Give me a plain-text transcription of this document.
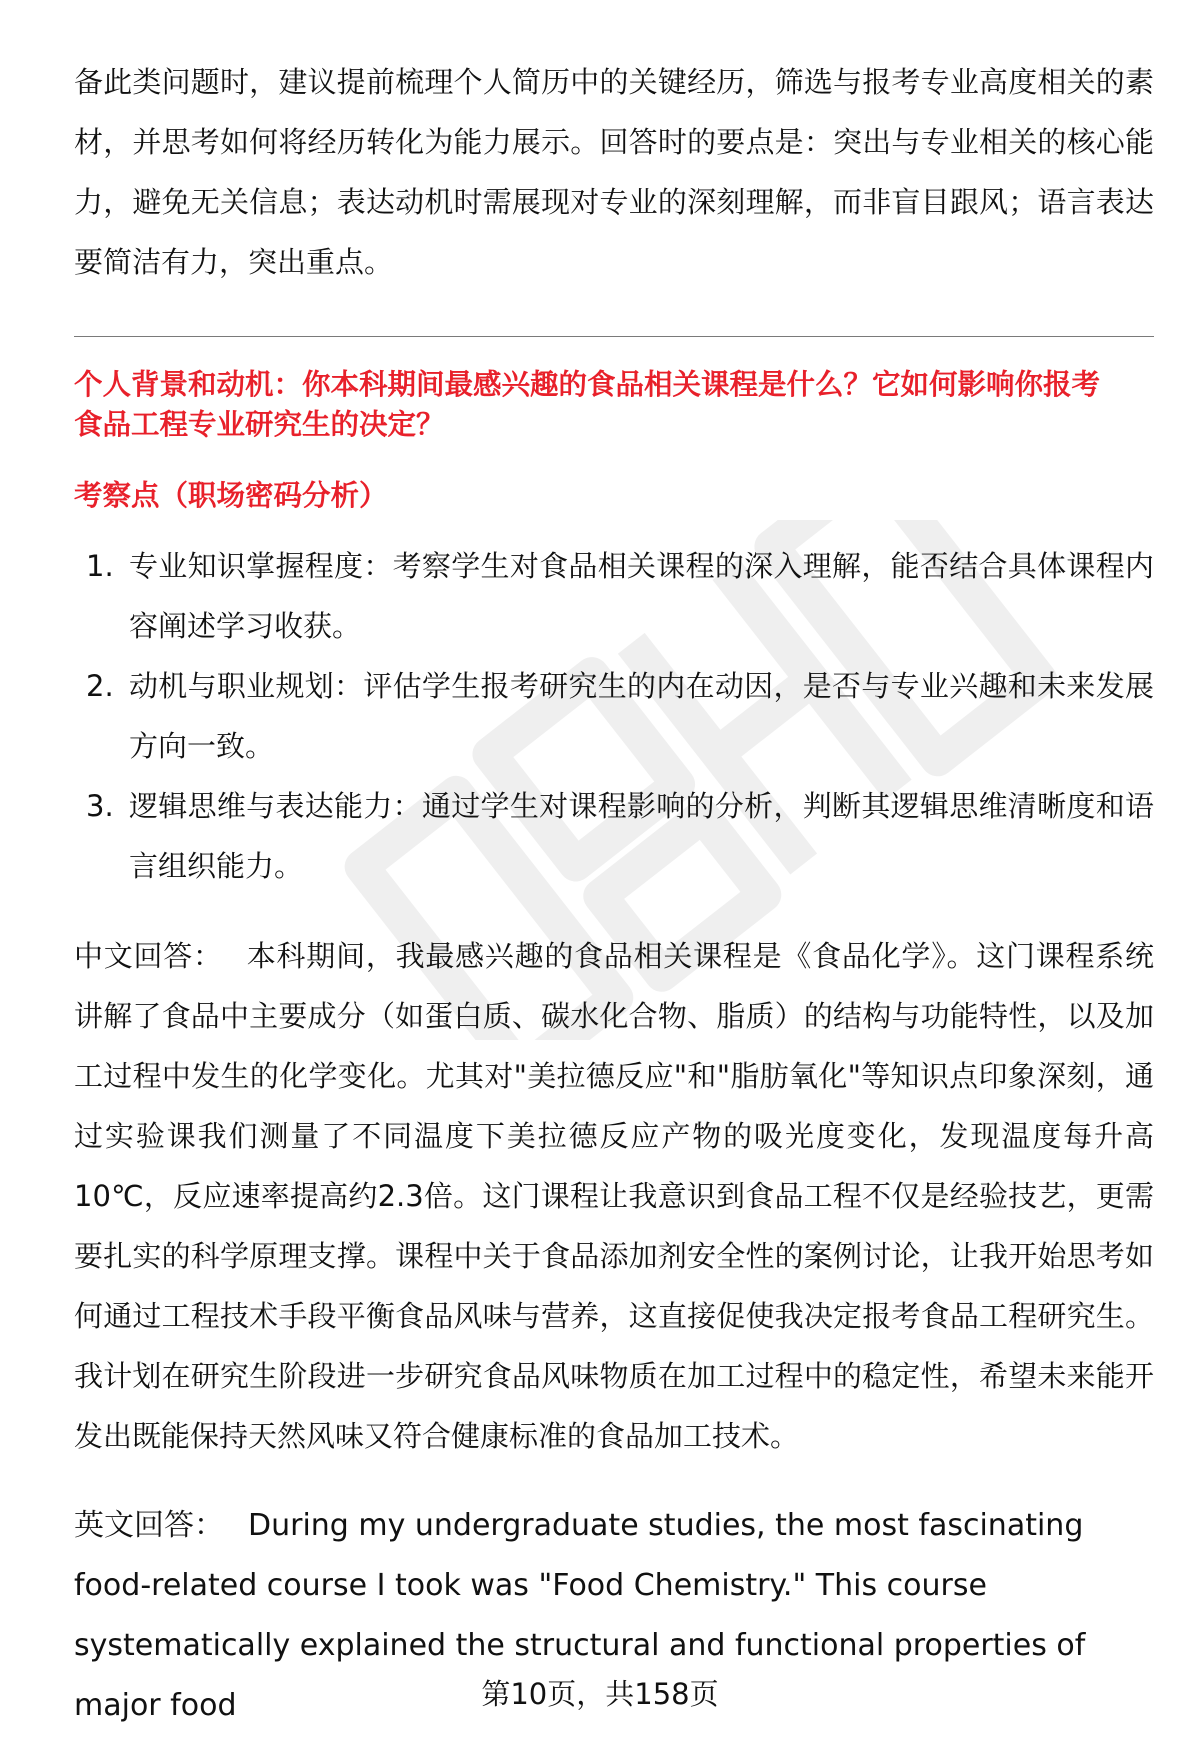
备此类问题时，建议提前梳理个人简历中的关键经历，筛选与报考专业高度相关的素材，并思考如何将经历转化为能力展示。回答时的要点是：突出与专业相关的核心能力，避免无关信息；表达动机时需展现对专业的深刻理解，而非盲目跟风；语言表达要简洁有力，突出重点。

个人背景和动机：你本科期间最感兴趣的食品相关课程是什么？它如何影响你报考
食品工程专业研究生的决定？

考察点（职场密码分析）
1. 专业知识掌握程度：考察学生对食品相关课程的深入理解，能否结合具体课程内容阐述学习收获。
2. 动机与职业规划：评估学生报考研究生的内在动因，是否与专业兴趣和未来发展方向一致。
3. 逻辑思维与表达能力：通过学生对课程影响的分析，判断其逻辑思维清晰度和语言组织能力。

中文回答： 本科期间，我最感兴趣的食品相关课程是《食品化学》。这门课程系统讲解了食品中主要成分（如蛋白质、碳水化合物、脂质）的结构与功能特性，以及加工过程中发生的化学变化。尤其对"美拉德反应"和"脂肪氧化"等知识点印象深刻，通过实验课我们测量了不同温度下美拉德反应产物的吸光度变化，发现温度每升高10℃，反应速率提高约2.3倍。这门课程让我意识到食品工程不仅是经验技艺，更需要扎实的科学原理支撑。课程中关于食品添加剂安全性的案例讨论，让我开始思考如何通过工程技术手段平衡食品风味与营养，这直接促使我决定报考食品工程研究生。我计划在研究生阶段进一步研究食品风味物质在加工过程中的稳定性，希望未来能开发出既能保持天然风味又符合健康标准的食品加工技术。

英文回答： During my undergraduate studies, the most fascinating food-related course I took was "Food Chemistry." This course systematically explained the structural and functional properties of major food	第10页，共158页
